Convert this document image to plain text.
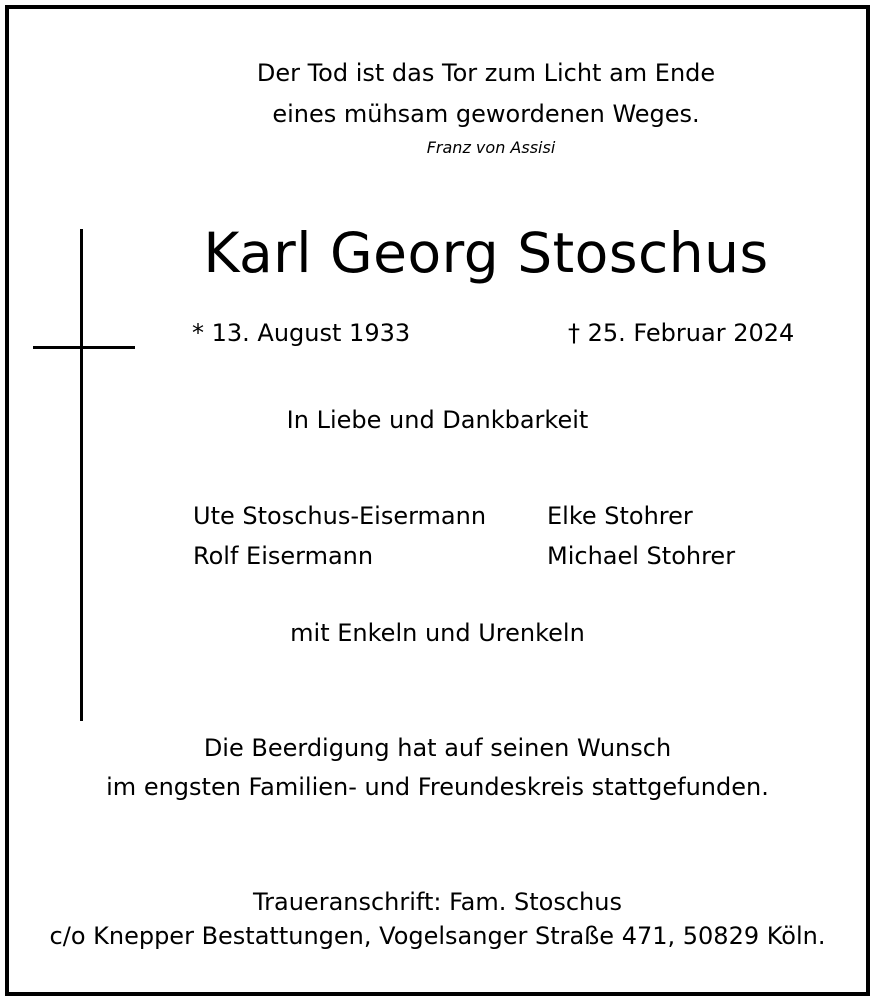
Der Tod ist das Tor zum Licht am Ende
eines mühsam gewordenen Weges.
Franz von Assisi
Karl Georg Stoschus
* 13. August 1933	† 25. Februar 2024
In Liebe und Dankbarkeit
Ute Stoschus-Eisermann
Rolf Eisermann
Elke Stohrer
Michael Stohrer
mit Enkeln und Urenkeln
Die Beerdigung hat auf seinen Wunsch
im engsten Familien- und Freundeskreis stattgefunden.
Traueranschrift: Fam. Stoschus
c/o Knepper Bestattungen, Vogelsanger Straße 471, 50829 Köln.
